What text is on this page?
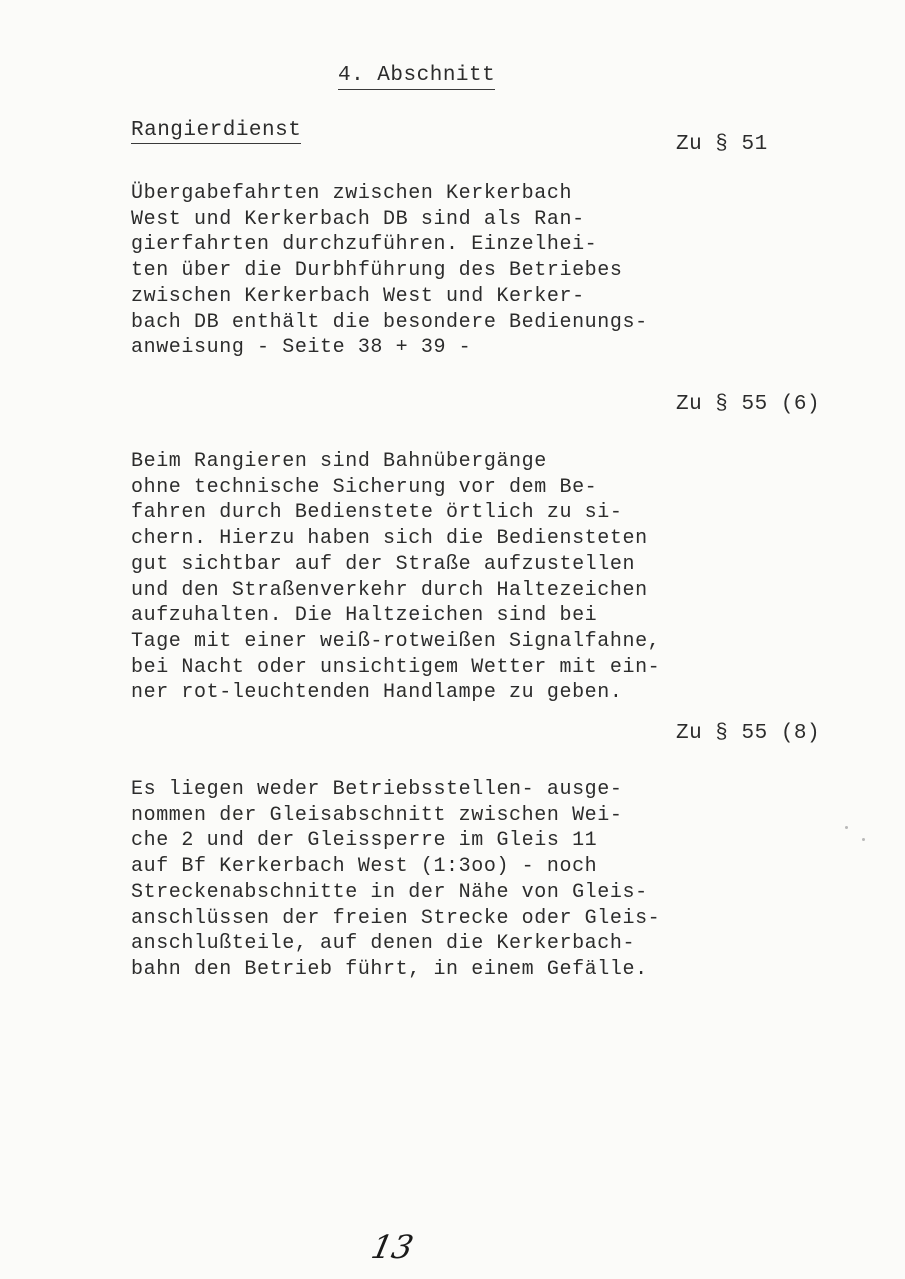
4. Abschnitt
Rangierdienst
Zu § 51
Übergabefahrten zwischen Kerkerbach
West und Kerkerbach DB sind als Ran-
gierfahrten durchzuführen. Einzelhei-
ten über die Durbhführung des Betriebes
zwischen Kerkerbach West und Kerker-
bach DB enthält die besondere Bedienungs-
anweisung - Seite 38 + 39 -
Zu § 55 (6)
Beim Rangieren sind Bahnübergänge
ohne technische Sicherung vor dem Be-
fahren durch Bedienstete örtlich zu si-
chern. Hierzu haben sich die Bediensteten
gut sichtbar auf der Straße aufzustellen
und den Straßenverkehr durch Haltezeichen
aufzuhalten. Die Haltzeichen sind bei
Tage mit einer weiß-rotweißen Signalfahne,
bei Nacht oder unsichtigem Wetter mit ein-
ner rot-leuchtenden Handlampe zu geben.
Zu § 55 (8)
Es liegen weder Betriebsstellen- ausge-
nommen der Gleisabschnitt zwischen Wei-
che 2 und der Gleissperre im Gleis 11
auf Bf Kerkerbach West (1:3oo) - noch
Streckenabschnitte in der Nähe von Gleis-
anschlüssen der freien Strecke oder Gleis-
anschlußteile, auf denen die Kerkerbach-
bahn den Betrieb führt, in einem Gefälle.
13
